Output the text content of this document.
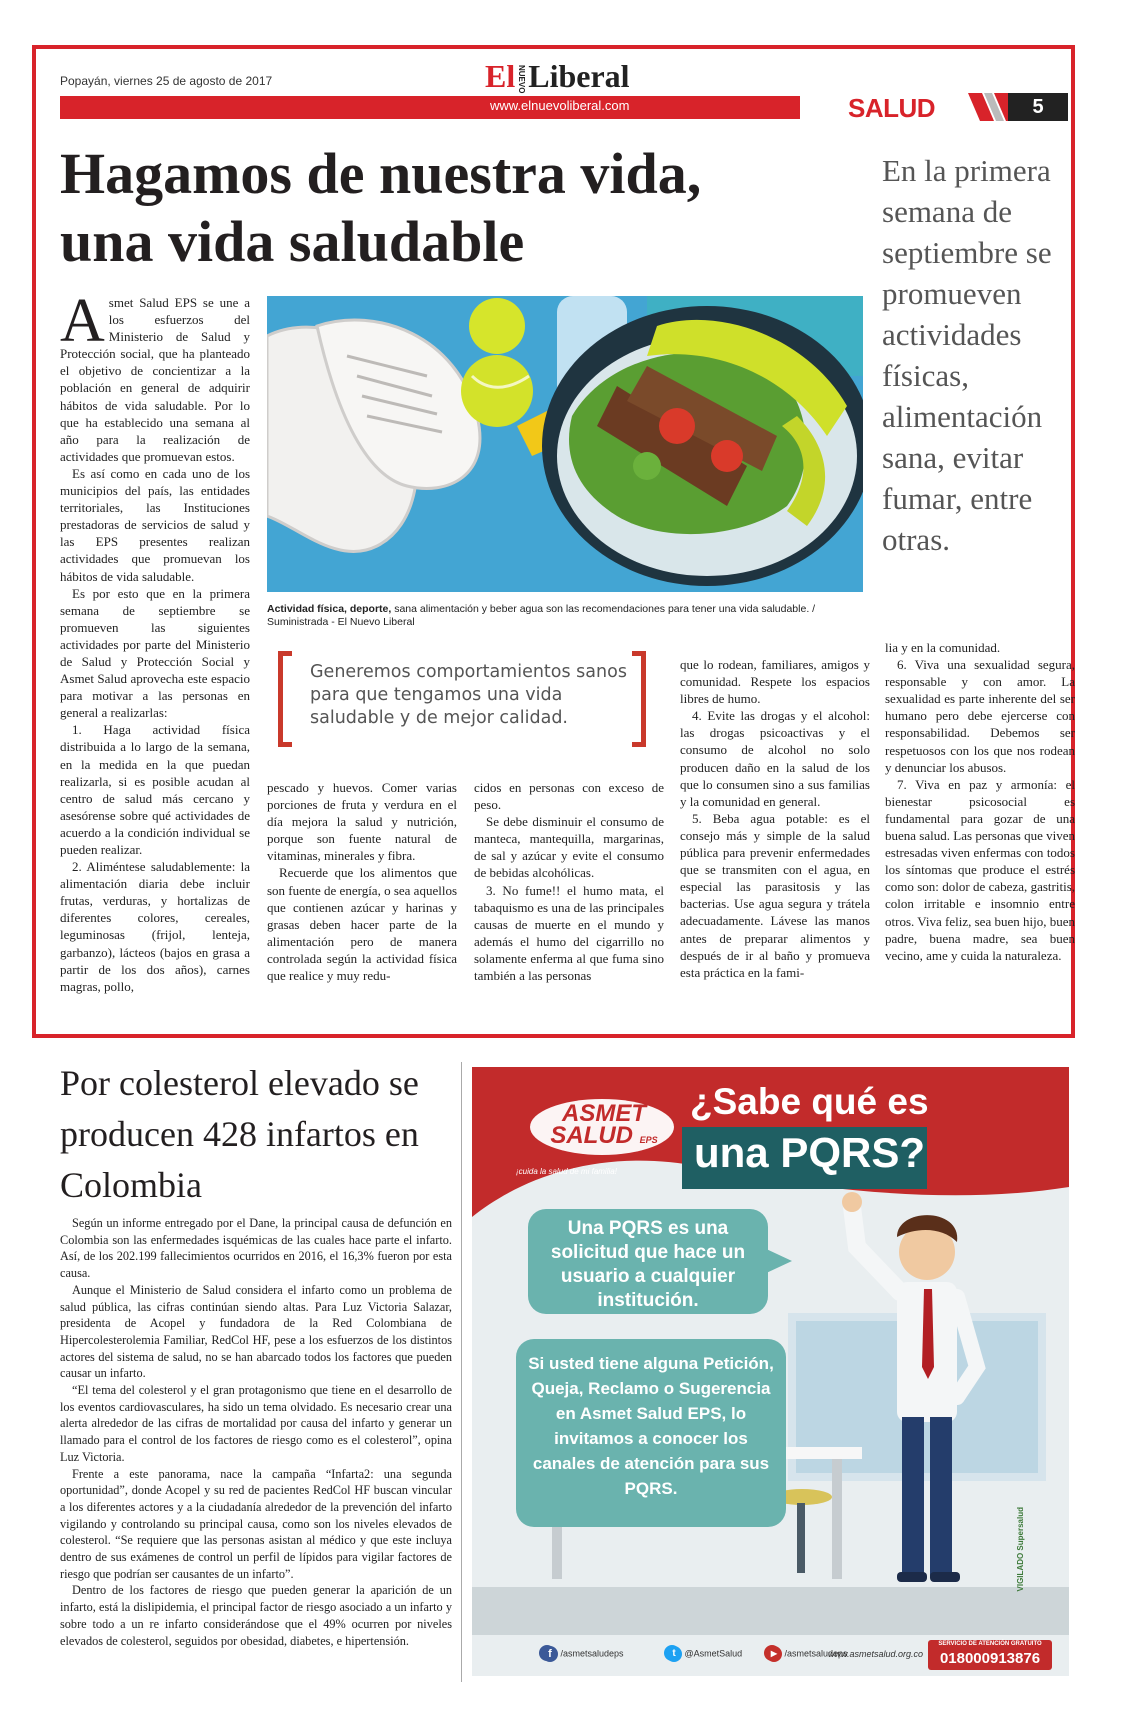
Popayán, viernes 25 de agosto de 2017	El NUEVOLiberal
www.elnuevoliberal.com	SALUD	5
Hagamos de nuestra vida,
una vida saludable

En la primera semana de septiembre se promueven actividades físicas, alimentación sana, evitar fumar, entre otras.

A smet Salud EPS se une a los esfuerzos del Ministerio de Salud y Protección social, que ha planteado el objetivo de concientizar a la población en general de adquirir hábitos de vida saludable. Por lo que ha establecido una semana al año para la realización de actividades que promuevan estos.

Es así como en cada uno de los municipios del país, las entidades territoriales, las Instituciones prestadoras de servicios de salud y las EPS presentes realizan actividades que promuevan los hábitos de vida saludable.

Es por esto que en la primera semana de septiembre se promueven las siguientes actividades por parte del Ministerio de Salud y Protección Social y Asmet Salud aprovecha este espacio para motivar a las personas en general a realizarlas:

1. Haga actividad física distribuida a lo largo de la semana, en la medida en la que puedan realizarla, si es posible acudan al centro de salud más cercano y asesórense sobre qué actividades de acuerdo a la condición individual se pueden realizar.

2. Aliméntese saludablemente: la alimentación diaria debe incluir frutas, verduras, y hortalizas de diferentes colores, cereales, leguminosas (frijol, lenteja, garbanzo), lácteos (bajos en grasa a partir de los dos años), carnes magras, pollo,

Actividad física, deporte, sana alimentación y beber agua son las recomendaciones para tener una vida saludable. / Suministrada - El Nuevo Liberal

Generemos comportamientos sanos para que tengamos una vida saludable y de mejor calidad.

pescado y huevos. Comer varias porciones de fruta y verdura en el día mejora la salud y nutrición, porque son fuente natural de vitaminas, minerales y fibra.

Recuerde que los alimentos que son fuente de energía, o sea aquellos que contienen azúcar y harinas y grasas deben hacer parte de la alimentación pero de manera controlada según la actividad física que realice y muy redu-

cidos en personas con exceso de peso.

Se debe disminuir el consumo de manteca, mantequilla, margarinas, de sal y azúcar y evite el consumo de bebidas alcohólicas.

3. No fume!! el humo mata, el tabaquismo es una de las principales causas de muerte en el mundo y además el humo del cigarrillo no solamente enferma al que fuma sino también a las personas

que lo rodean, familiares, amigos y comunidad. Respete los espacios libres de humo.

4. Evite las drogas y el alcohol: las drogas psicoactivas y el consumo de alcohol no solo producen daño en la salud de los que lo consumen sino a sus familias y la comunidad en general.

5. Beba agua potable: es el consejo más y simple de la salud pública para prevenir enfermedades que se transmiten con el agua, en especial las parasitosis y las bacterias. Use agua segura y trátela adecuadamente. Lávese las manos antes de preparar alimentos y después de ir al baño y promueva esta práctica en la fami-

lia y en la comunidad.

6. Viva una sexualidad segura, responsable y con amor. La sexualidad es parte inherente del ser humano pero debe ejercerse con responsabilidad. Debemos ser respetuosos con los que nos rodean y denunciar los abusos.

7. Viva en paz y armonía: el bienestar psicosocial es fundamental para gozar de una buena salud. Las personas que viven estresadas viven enfermas con todos los síntomas que produce el estrés como son: dolor de cabeza, gastritis, colon irritable e insomnio entre otros. Viva feliz, sea buen hijo, buen padre, buena madre, sea buen vecino, ame y cuida la naturaleza.

Por colesterol elevado se producen 428 infartos en Colombia

Según un informe entregado por el Dane, la principal causa de defunción en Colombia son las enfermedades isquémicas de las cuales hace parte el infarto. Así, de los 202.199 fallecimientos ocurridos en 2016, el 16,3% fueron por esta causa.

Aunque el Ministerio de Salud considera el infarto como un problema de salud pública, las cifras continúan siendo altas. Para Luz Victoria Salazar, presidenta de Acopel y fundadora de la Red Colombiana de Hipercolesterolemia Familiar, RedCol HF, pese a los esfuerzos de los distintos actores del sistema de salud, no se han abarcado todos los factores que pueden causar un infarto.

“El tema del colesterol y el gran protagonismo que tiene en el desarrollo de los eventos cardiovasculares, ha sido un tema olvidado. Es necesario crear una alerta alrededor de las cifras de mortalidad por causa del infarto y generar un llamado para el control de los factores de riesgo como es el colesterol”, opina Luz Victoria.

Frente a este panorama, nace la campaña “Infarta2: una segunda oportunidad”, donde Acopel y su red de pacientes RedCol HF buscan vincular a los diferentes actores y a la ciudadanía alrededor de la prevención del infarto vigilando y controlando su principal causa, como son los niveles elevados de colesterol. “Se requiere que las personas asistan al médico y que este incluya dentro de sus exámenes de control un perfil de lípidos para vigilar factores de riesgo que podrían ser causantes de un infarto”.

Dentro de los factores de riesgo que pueden generar la aparición de un infarto, está la dislipidemia, el principal factor de riesgo asociado a un infarto y sobre todo a un re infarto considerándose que el 49% ocurren por niveles elevados de colesterol, seguidos por obesidad, diabetes, e hipertensión.

ASMET SALUD EPS
¡cuida la salud de mi familia!
¿Sabe qué es
una PQRS?
Una PQRS es una solicitud que hace un usuario a cualquier institución.
Si usted tiene alguna Petición, Queja, Reclamo o Sugerencia en Asmet Salud EPS, lo invitamos a conocer los canales de atención para sus PQRS.
VIGILADO Supersalud
f /asmetsaludeps	t @AsmetSalud	▶ /asmetsaludeps
www.asmetsalud.org.co
SERVICIO DE ATENCIÓN GRATUITO
018000913876
